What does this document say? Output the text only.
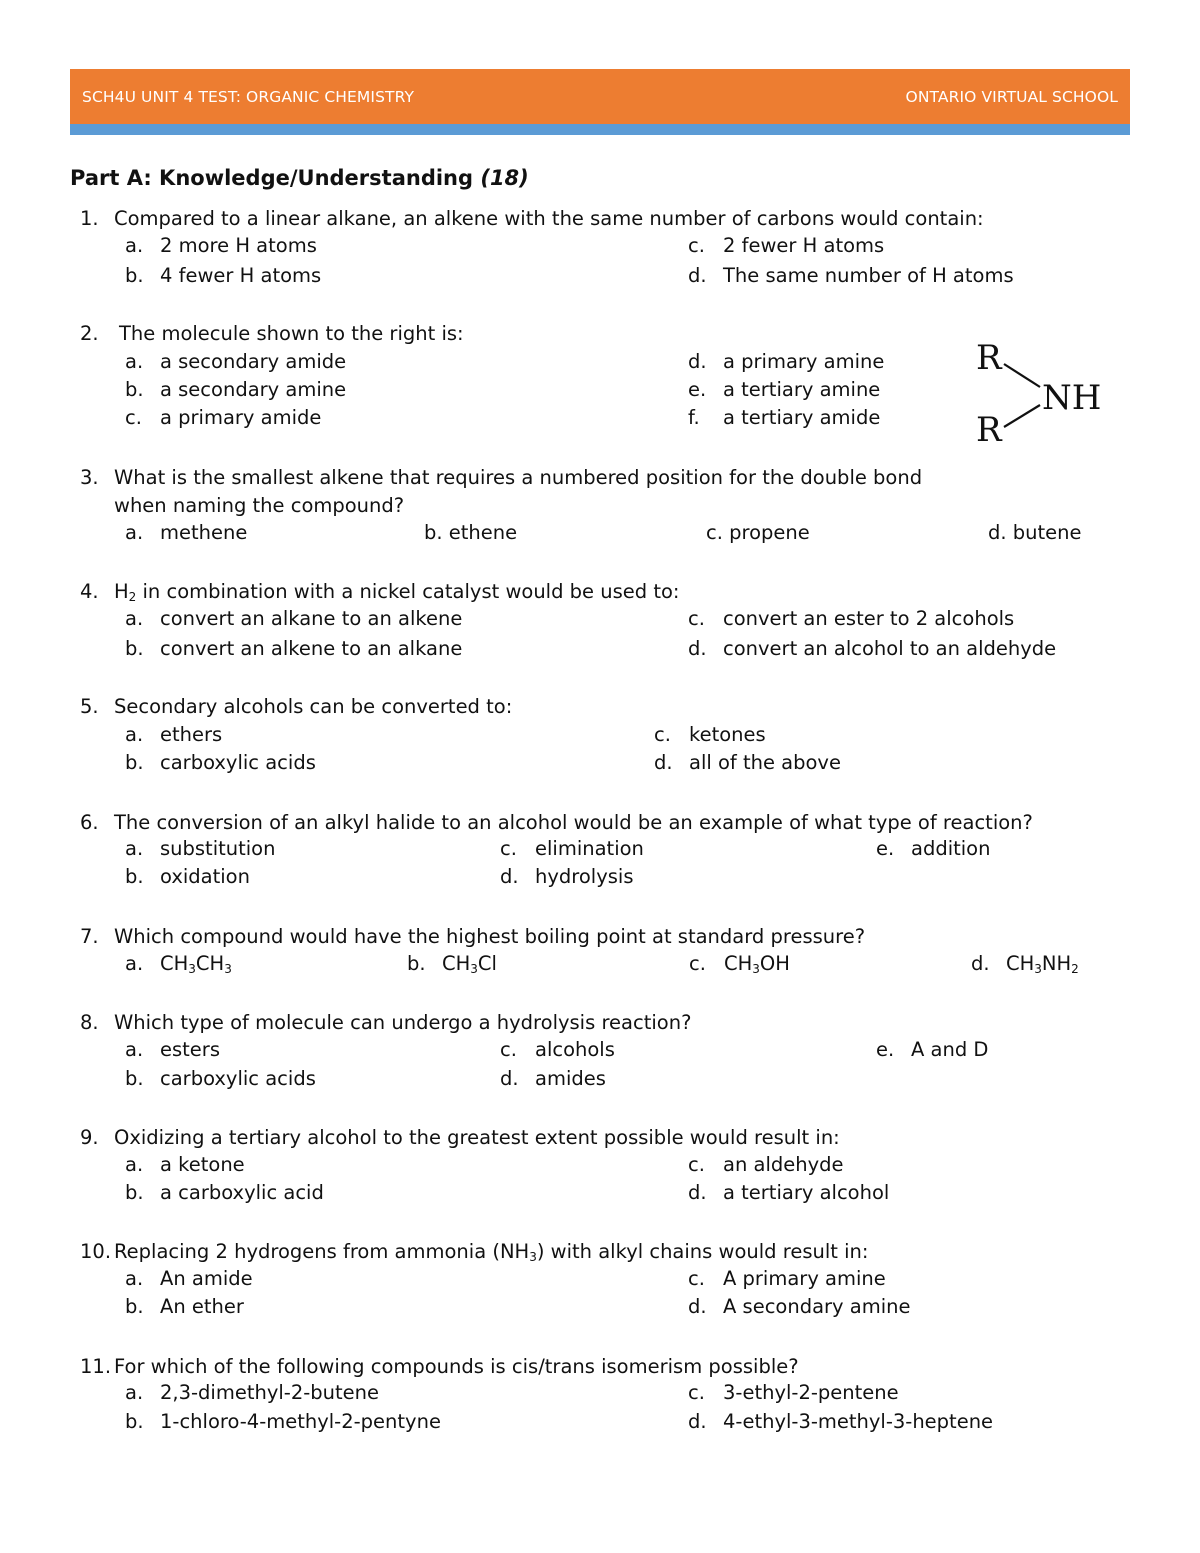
SCH4U UNIT 4 TEST: ORGANIC CHEMISTRY	ONTARIO VIRTUAL SCHOOL
Part A: Knowledge/Understanding (18)
1. Compared to a linear alkane, an alkene with the same number of carbons would contain:
a. 2 more H atoms	c. 2 fewer H atoms
b. 4 fewer H atoms	d. The same number of H atoms
2. The molecule shown to the right is:
a. a secondary amide	d. a primary amine
b. a secondary amine	e. a tertiary amine
c. a primary amide	f. a tertiary amide
R
NH
R
3. What is the smallest alkene that requires a numbered position for the double bond
when naming the compound?
a. methene	b. ethene	c. propene	d. butene
4. $H_2$ in combination with a nickel catalyst would be used to:
a. convert an alkane to an alkene	c. convert an ester to 2 alcohols
b. convert an alkene to an alkane	d. convert an alcohol to an aldehyde
5. Secondary alcohols can be converted to:
a. ethers	c. ketones
b. carboxylic acids	d. all of the above
6. The conversion of an alkyl halide to an alcohol would be an example of what type of reaction?
a. substitution	c. elimination	e. addition
b. oxidation	d. hydrolysis
7. Which compound would have the highest boiling point at standard pressure?
a. $CH_3CH_3$	b. $CH_3Cl$	c. $CH_3OH$	d. $CH_3NH_2$
8. Which type of molecule can undergo a hydrolysis reaction?
a. esters	c. alcohols	e. A and D
b. carboxylic acids	d. amides
9. Oxidizing a tertiary alcohol to the greatest extent possible would result in:
a. a ketone	c. an aldehyde
b. a carboxylic acid	d. a tertiary alcohol
10. Replacing 2 hydrogens from ammonia $(NH_3)$ with alkyl chains would result in:
a. An amide	c. A primary amine
b. An ether	d. A secondary amine
11. For which of the following compounds is cis/trans isomerism possible?
a. 2,3-dimethyl-2-butene	c. 3-ethyl-2-pentene
b. 1-chloro-4-methyl-2-pentyne	d. 4-ethyl-3-methyl-3-heptene
